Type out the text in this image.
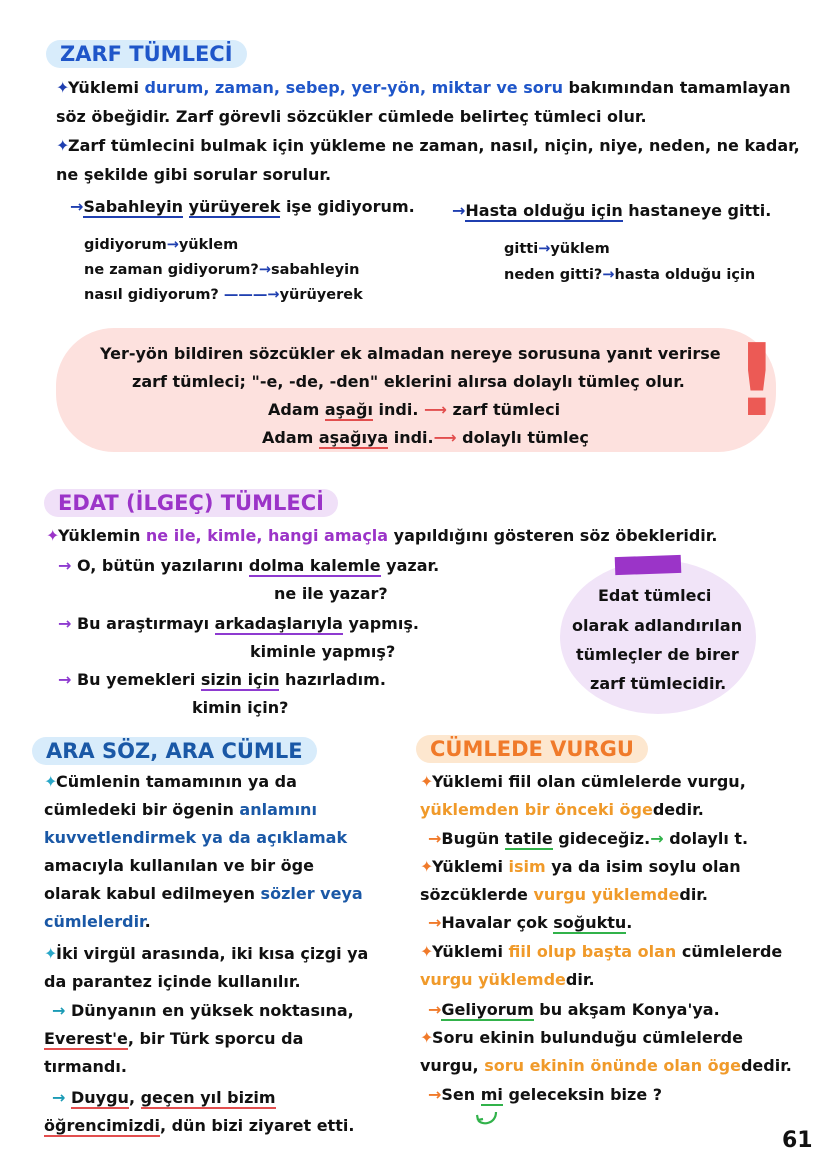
ZARF TÜMLECİ
✦Yüklemi durum, zaman, sebep, yer-yön, miktar ve soru bakımından tamamlayan
söz öbeğidir. Zarf görevli sözcükler cümlede belirteç tümleci olur.
✦Zarf tümlecini bulmak için yükleme ne zaman, nasıl, niçin, niye, neden, ne kadar,
ne şekilde gibi sorular sorulur.
→Sabahleyin yürüyerek işe gidiyorum. →Hasta olduğu için hastaneye gitti.
gidiyorum→yüklem
ne zaman gidiyorum?→sabahleyin
nasıl gidiyorum? ———→yürüyerek
gitti→yüklem
neden gitti?→hasta olduğu için
Yer-yön bildiren sözcükler ek almadan nereye sorusuna yanıt verirse
zarf tümleci; "-e, -de, -den" eklerini alırsa dolaylı tümleç olur.
Adam aşağı indi. ⟶ zarf tümleci
Adam aşağıya indi.⟶ dolaylı tümleç !
EDAT (İLGEÇ) TÜMLECİ
✦Yüklemin ne ile, kimle, hangi amaçla yapıldığını gösteren söz öbekleridir.
→ O, bütün yazılarını dolma kalemle yazar.
ne ile yazar?
→ Bu araştırmayı arkadaşlarıyla yapmış.
kiminle yapmış?
→ Bu yemekleri sizin için hazırladım.
kimin için?
Edat tümleci
olarak adlandırılan
tümleçler de birer
zarf tümlecidir.
ARA SÖZ, ARA CÜMLE
✦Cümlenin tamamının ya da
cümledeki bir ögenin anlamını
kuvvetlendirmek ya da açıklamak
amacıyla kullanılan ve bir öge
olarak kabul edilmeyen sözler veya
cümlelerdir.
✦İki virgül arasında, iki kısa çizgi ya
da parantez içinde kullanılır.
→ Dünyanın en yüksek noktasına,
Everest'e, bir Türk sporcu da
tırmandı.
→ Duygu, geçen yıl bizim
öğrencimizdi, dün bizi ziyaret etti.
CÜMLEDE VURGU
✦Yüklemi fiil olan cümlelerde vurgu,
yüklemden bir önceki ögededir.
→Bugün tatile gideceğiz.→ dolaylı t.
✦Yüklemi isim ya da isim soylu olan
sözcüklerde vurgu yüklemdedir.
→Havalar çok soğuktu.
✦Yüklemi fiil olup başta olan cümlelerde
vurgu yüklemdedir.
→Geliyorum bu akşam Konya'ya.
✦Soru ekinin bulunduğu cümlelerde
vurgu, soru ekinin önünde olan ögededir.
→Sen mi geleceksin bize ?
61
